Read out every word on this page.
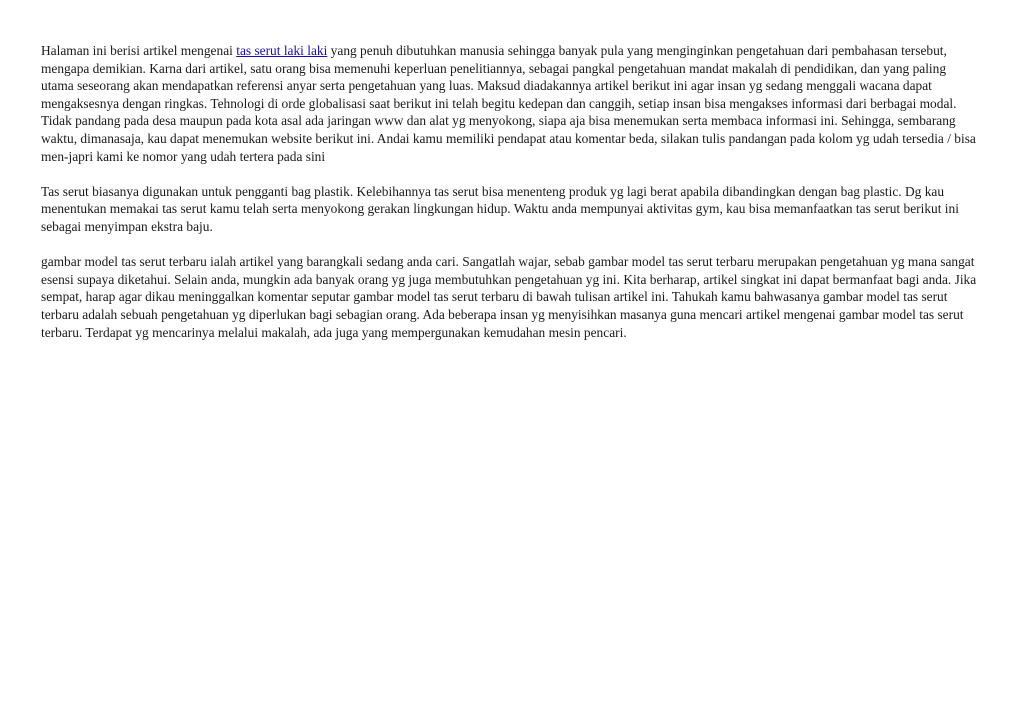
Halaman ini berisi artikel mengenai tas serut laki laki yang penuh dibutuhkan manusia sehingga banyak pula yang menginginkan pengetahuan dari pembahasan tersebut, mengapa demikian. Karna dari artikel, satu orang bisa memenuhi keperluan penelitiannya, sebagai pangkal pengetahuan mandat makalah di pendidikan, dan yang paling utama seseorang akan mendapatkan referensi anyar serta pengetahuan yang luas. Maksud diadakannya artikel berikut ini agar insan yg sedang menggali wacana dapat mengaksesnya dengan ringkas. Tehnologi di orde globalisasi saat berikut ini telah begitu kedepan dan canggih, setiap insan bisa mengakses informasi dari berbagai modal. Tidak pandang pada desa maupun pada kota asal ada jaringan www dan alat yg menyokong, siapa aja bisa menemukan serta membaca informasi ini. Sehingga, sembarang waktu, dimanasaja, kau dapat menemukan website berikut ini. Andai kamu memiliki pendapat atau komentar beda, silakan tulis pandangan pada kolom yg udah tersedia / bisa men-japri kami ke nomor yang udah tertera pada sini

Tas serut biasanya digunakan untuk pengganti bag plastik. Kelebihannya tas serut bisa menenteng produk yg lagi berat apabila dibandingkan dengan bag plastic. Dg kau menentukan memakai tas serut kamu telah serta menyokong gerakan lingkungan hidup. Waktu anda mempunyai aktivitas gym, kau bisa memanfaatkan tas serut berikut ini sebagai menyimpan ekstra baju.

gambar model tas serut terbaru ialah artikel yang barangkali sedang anda cari. Sangatlah wajar, sebab gambar model tas serut terbaru merupakan pengetahuan yg mana sangat esensi supaya diketahui. Selain anda, mungkin ada banyak orang yg juga membutuhkan pengetahuan yg ini. Kita berharap, artikel singkat ini dapat bermanfaat bagi anda. Jika sempat, harap agar dikau meninggalkan komentar seputar gambar model tas serut terbaru di bawah tulisan artikel ini. Tahukah kamu bahwasanya gambar model tas serut terbaru adalah sebuah pengetahuan yg diperlukan bagi sebagian orang. Ada beberapa insan yg menyisihkan masanya guna mencari artikel mengenai gambar model tas serut terbaru. Terdapat yg mencarinya melalui makalah, ada juga yang mempergunakan kemudahan mesin pencari.
